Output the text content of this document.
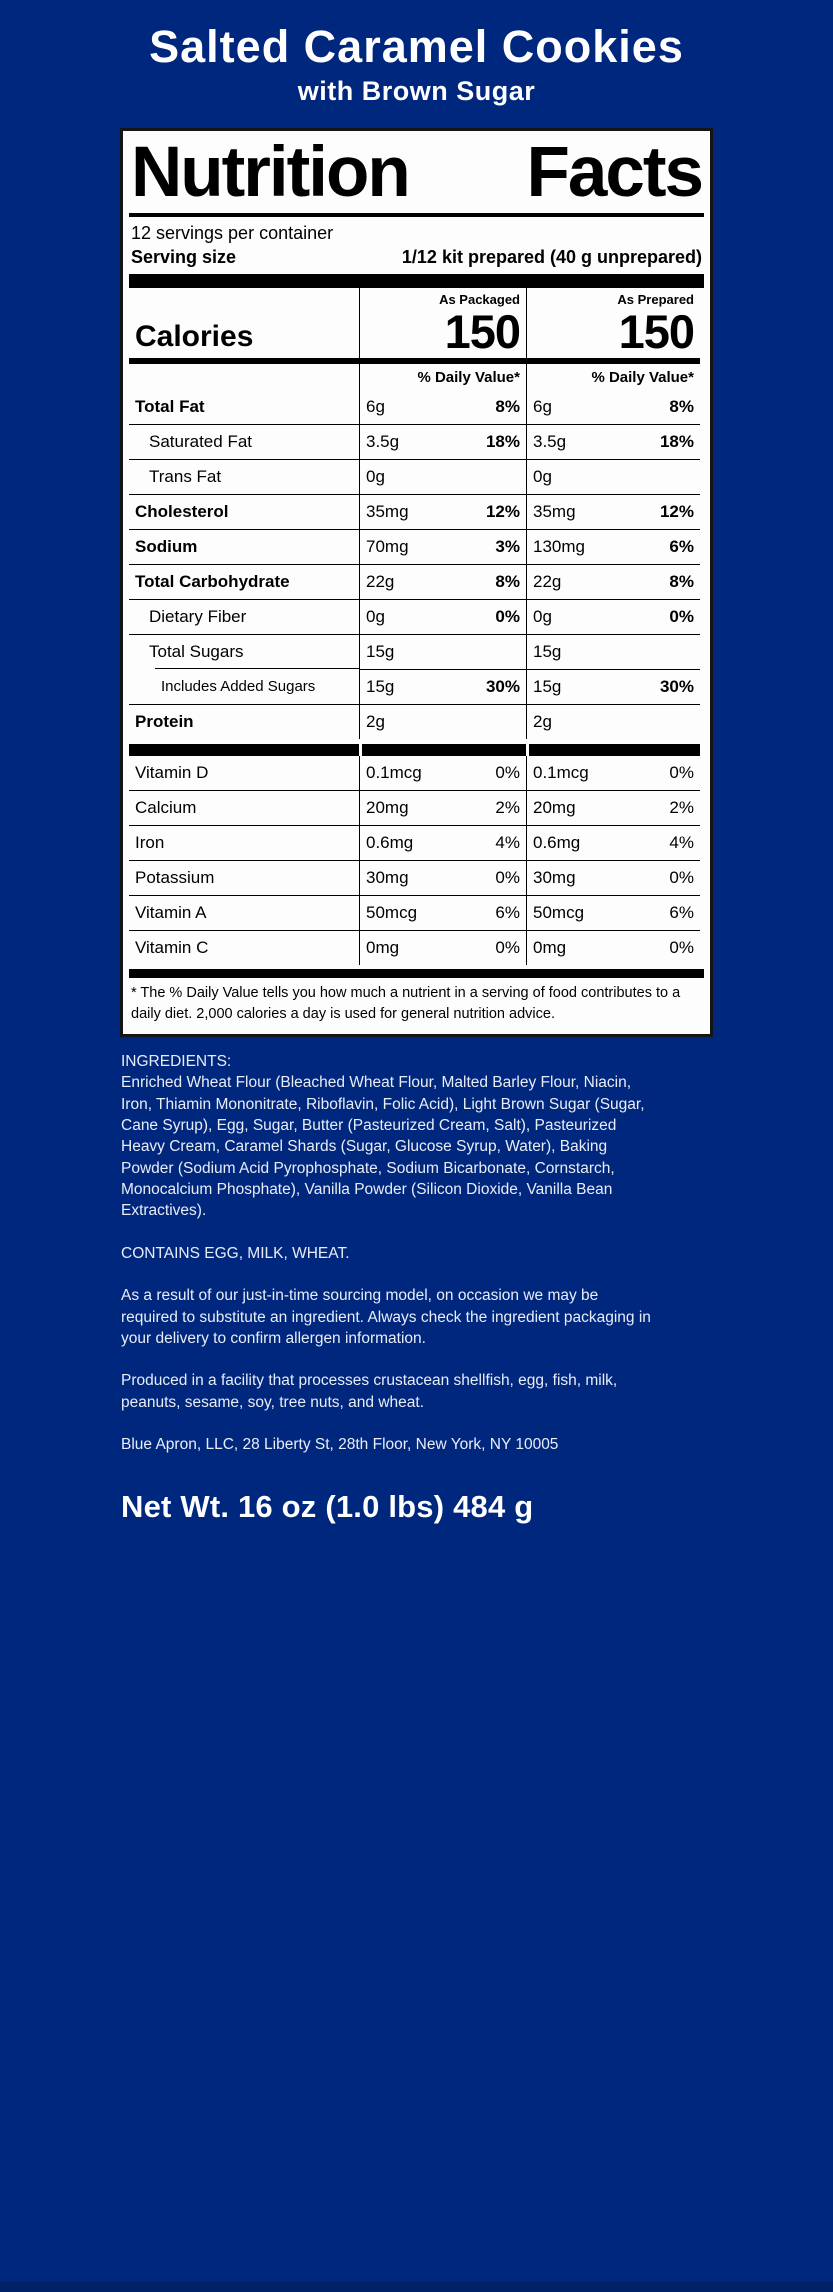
Salted Caramel Cookies
with Brown Sugar
Nutrition Facts
12 servings per container
Serving size	1/12 kit prepared (40 g unprepared)
Calories
As Packaged
150
As Prepared
150
% Daily Value*	% Daily Value*
Total Fat	6g	8% 6g	8%
Saturated Fat	3.5g	18% 3.5g	18%
Trans Fat	0g	0g
Cholesterol	35mg	12% 35mg	12%
Sodium	70mg	3% 130mg	6%
Total Carbohydrate	22g	8% 22g	8%
Dietary Fiber	0g	0% 0g	0%
Total Sugars	15g	15g
Includes Added Sugars	15g	30% 15g	30%
Protein	2g	2g
Vitamin D	0.1mcg	0% 0.1mcg	0%
Calcium	20mg	2% 20mg	2%
Iron	0.6mg	4% 0.6mg	4%
Potassium	30mg	0% 30mg	0%
Vitamin A	50mcg	6% 50mcg	6%
Vitamin C	0mg	0% 0mg	0%
* The % Daily Value tells you how much a nutrient in a serving of food contributes to a daily diet. 2,000 calories a day is used for general nutrition advice.

INGREDIENTS:
Enriched Wheat Flour (Bleached Wheat Flour, Malted Barley Flour, Niacin, Iron, Thiamin Mononitrate, Riboflavin, Folic Acid), Light Brown Sugar (Sugar, Cane Syrup), Egg, Sugar, Butter (Pasteurized Cream, Salt), Pasteurized Heavy Cream, Caramel Shards (Sugar, Glucose Syrup, Water), Baking Powder (Sodium Acid Pyrophosphate, Sodium Bicarbonate, Cornstarch, Monocalcium Phosphate), Vanilla Powder (Silicon Dioxide, Vanilla Bean Extractives).

CONTAINS EGG, MILK, WHEAT.

As a result of our just-in-time sourcing model, on occasion we may be required to substitute an ingredient. Always check the ingredient packaging in your delivery to confirm allergen information.

Produced in a facility that processes crustacean shellfish, egg, fish, milk, peanuts, sesame, soy, tree nuts, and wheat.

Blue Apron, LLC, 28 Liberty St, 28th Floor, New York, NY 10005

Net Wt. 16 oz (1.0 lbs) 484 g
